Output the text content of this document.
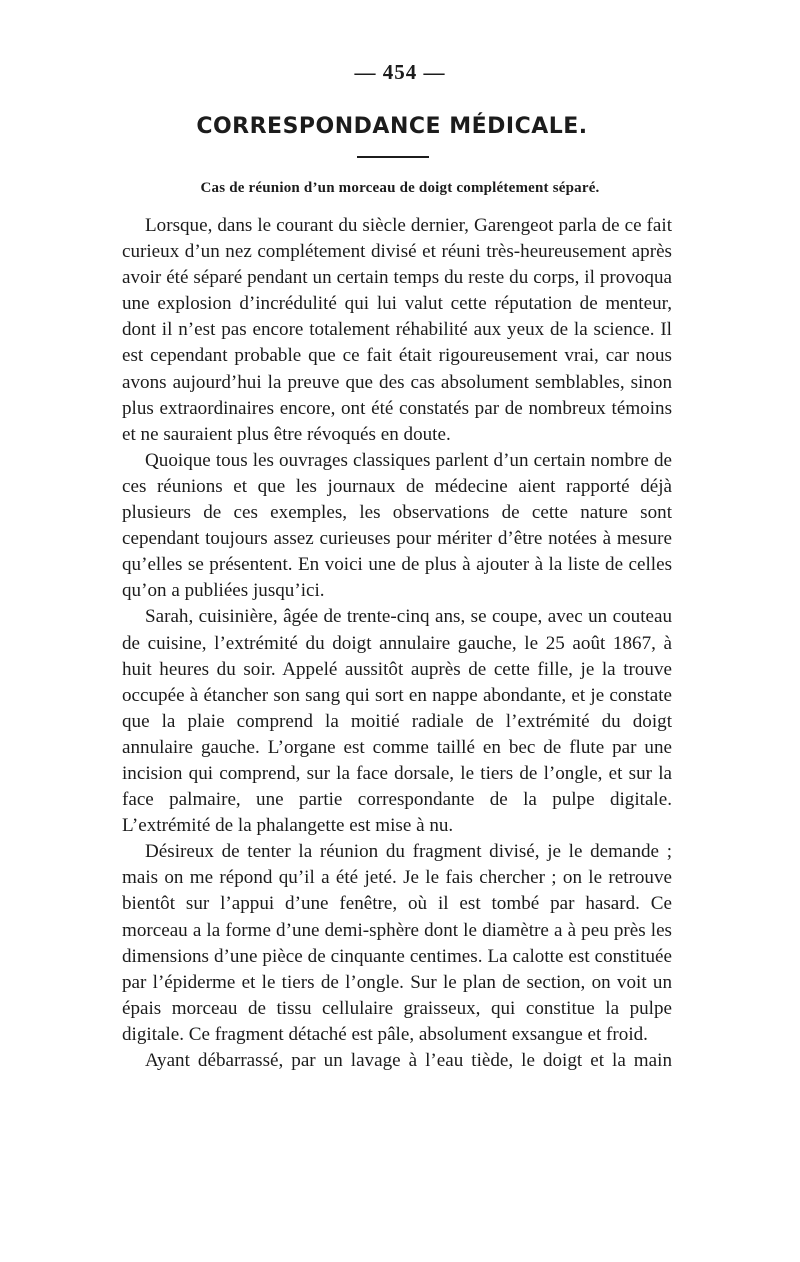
— 454 —
CORRESPONDANCE MÉDICALE.
Cas de réunion d’un morceau de doigt complétement séparé.

Lorsque, dans le courant du siècle dernier, Garengeot parla de ce fait curieux d’un nez complétement divisé et réuni très-heureusement après avoir été séparé pendant un certain temps du reste du corps, il provoqua une explosion d’incrédulité qui lui valut cette réputation de menteur, dont il n’est pas encore totalement réhabilité aux yeux de la science. Il est cependant probable que ce fait était rigoureusement vrai, car nous avons aujourd’hui la preuve que des cas absolument semblables, sinon plus extraordinaires encore, ont été constatés par de nombreux témoins et ne sauraient plus être révoqués en doute.

Quoique tous les ouvrages classiques parlent d’un certain nombre de ces réunions et que les journaux de médecine aient rapporté déjà plusieurs de ces exemples, les observations de cette nature sont cependant toujours assez curieuses pour mériter d’être notées à mesure qu’elles se présentent. En voici une de plus à ajouter à la liste de celles qu’on a publiées jusqu’ici.

Sarah, cuisinière, âgée de trente-cinq ans, se coupe, avec un couteau de cuisine, l’extrémité du doigt annulaire gauche, le 25 août 1867, à huit heures du soir. Appelé aussitôt auprès de cette fille, je la trouve occupée à étancher son sang qui sort en nappe abondante, et je constate que la plaie comprend la moitié radiale de l’extrémité du doigt annulaire gauche. L’organe est comme taillé en bec de flute par une incision qui comprend, sur la face dorsale, le tiers de l’ongle, et sur la face palmaire, une partie correspondante de la pulpe digitale. L’extrémité de la phalangette est mise à nu.

Désireux de tenter la réunion du fragment divisé, je le demande ; mais on me répond qu’il a été jeté. Je le fais chercher ; on le retrouve bientôt sur l’appui d’une fenêtre, où il est tombé par hasard. Ce morceau a la forme d’une demi-sphère dont le diamètre a à peu près les dimensions d’une pièce de cinquante centimes. La calotte est constituée par l’épiderme et le tiers de l’ongle. Sur le plan de section, on voit un épais morceau de tissu cellulaire graisseux, qui constitue la pulpe digitale. Ce fragment détaché est pâle, absolument exsangue et froid.

Ayant débarrassé, par un lavage à l’eau tiède, le doigt et la main
